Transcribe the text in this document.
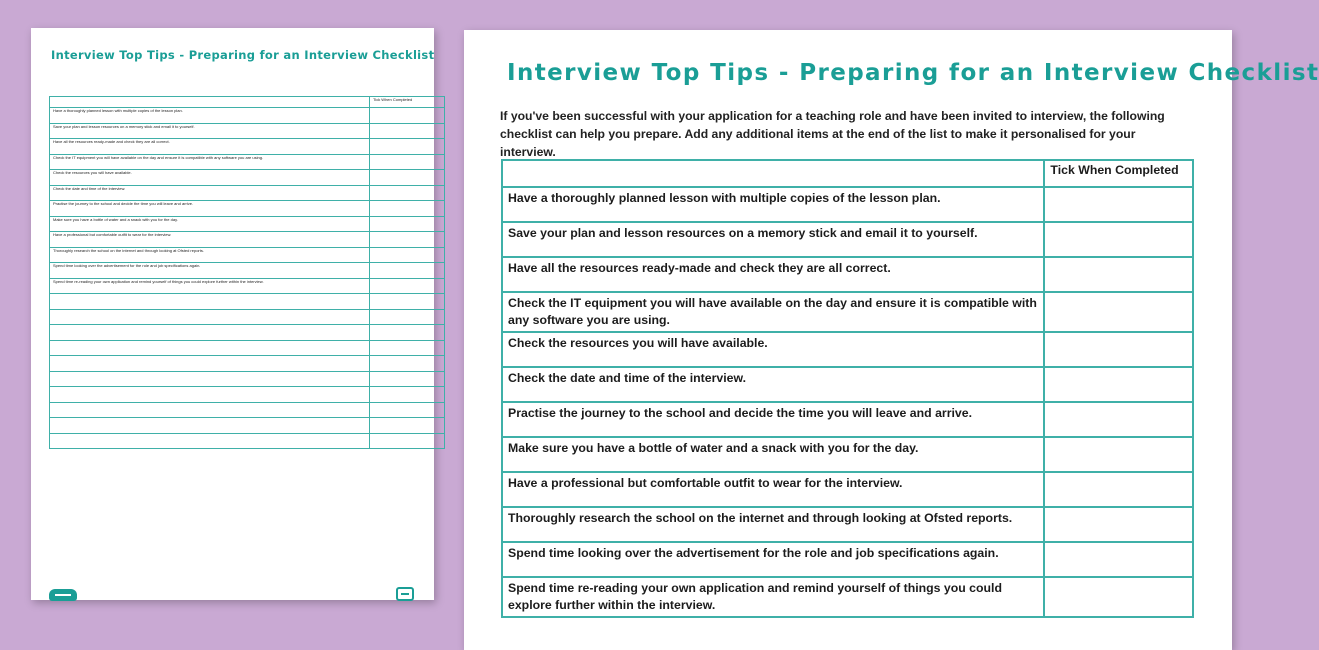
Interview Top Tips - Preparing for an Interview Checklist
	Tick When Completed
Have a thoroughly planned lesson with multiple copies of the lesson plan.	
Save your plan and lesson resources on a memory stick and email it to yourself.	
Have all the resources ready-made and check they are all correct.	
Check the IT equipment you will have available on the day and ensure it is compatible with any software you are using.	
Check the resources you will have available.	
Check the date and time of the interview.	
Practise the journey to the school and decide the time you will leave and arrive.	
Make sure you have a bottle of water and a snack with you for the day.	
Have a professional but comfortable outfit to wear for the interview.	
Thoroughly research the school on the internet and through looking at Ofsted reports.	
Spend time looking over the advertisement for the role and job specifications again.	
Spend time re-reading your own application and remind yourself of things you could explore further within the interview.	

Interview Top Tips - Preparing for an Interview Checklist
If you've been successful with your application for a teaching role and have been invited to interview, the following checklist can help you prepare. Add any additional items at the end of the list to make it personalised for your interview.
	Tick When Completed
Have a thoroughly planned lesson with multiple copies of the lesson plan.	
Save your plan and lesson resources on a memory stick and email it to yourself.	
Have all the resources ready-made and check they are all correct.	
Check the IT equipment you will have available on the day and ensure it is compatible with any software you are using.	
Check the resources you will have available.	
Check the date and time of the interview.	
Practise the journey to the school and decide the time you will leave and arrive.	
Make sure you have a bottle of water and a snack with you for the day.	
Have a professional but comfortable outfit to wear for the interview.	
Thoroughly research the school on the internet and through looking at Ofsted reports.	
Spend time looking over the advertisement for the role and job specifications again.	
Spend time re-reading your own application and remind yourself of things you could explore further within the interview.	
